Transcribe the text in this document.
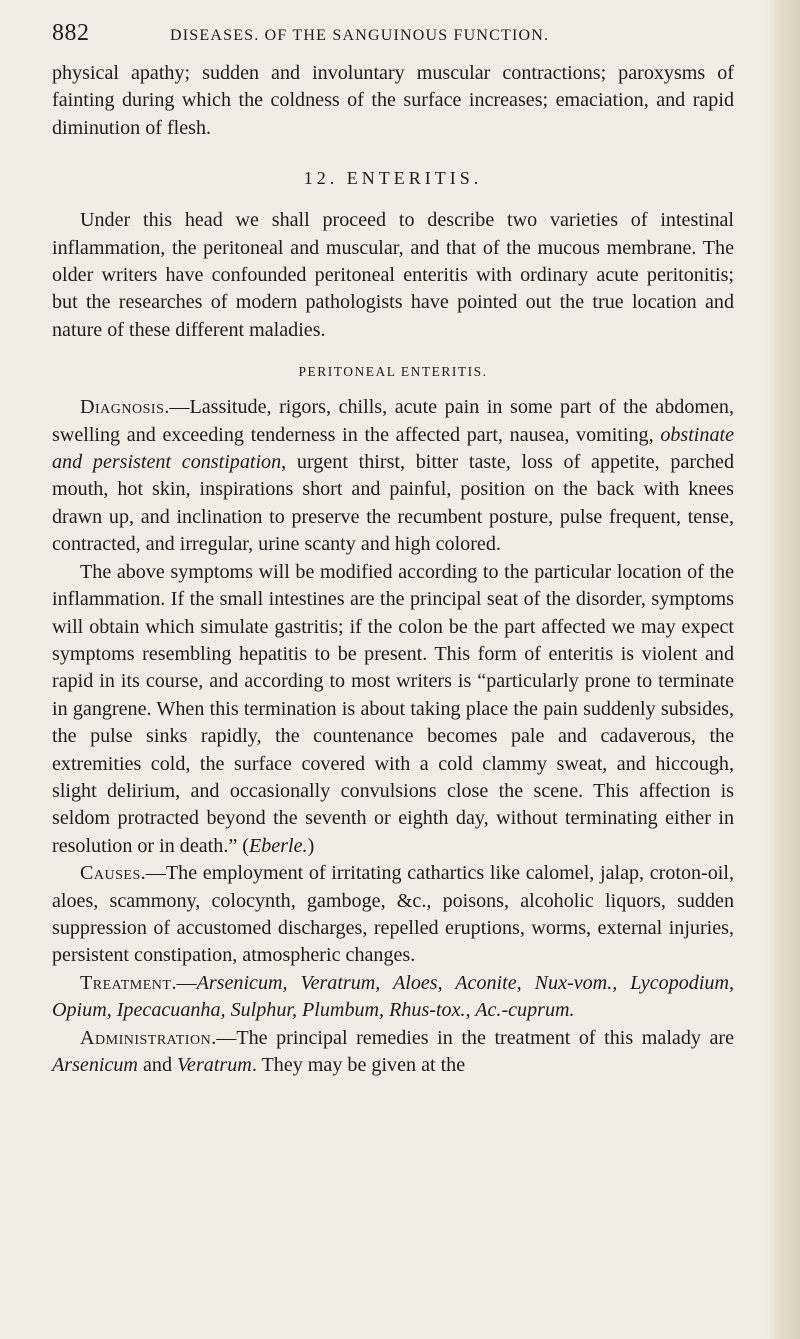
882	DISEASES. OF THE SANGUINOUS FUNCTION.

physical apathy; sudden and involuntary muscular contractions; paroxysms of fainting during which the coldness of the surface increases; emaciation, and rapid diminution of flesh.

12. ENTERITIS.

Under this head we shall proceed to describe two varieties of intestinal inflammation, the peritoneal and muscular, and that of the mucous membrane. The older writers have confounded peritoneal enteritis with ordinary acute peritonitis; but the researches of modern pathologists have pointed out the true location and nature of these different maladies.

PERITONEAL ENTERITIS.

Diagnosis.—Lassitude, rigors, chills, acute pain in some part of the abdomen, swelling and exceeding tenderness in the affected part, nausea, vomiting, obstinate and persistent constipation, urgent thirst, bitter taste, loss of appetite, parched mouth, hot skin, inspirations short and painful, position on the back with knees drawn up, and inclination to preserve the recumbent posture, pulse frequent, tense, contracted, and irregular, urine scanty and high colored.

The above symptoms will be modified according to the particular location of the inflammation. If the small intestines are the principal seat of the disorder, symptoms will obtain which simulate gastritis; if the colon be the part affected we may expect symptoms resembling hepatitis to be present. This form of enteritis is violent and rapid in its course, and according to most writers is “particularly prone to terminate in gangrene. When this termination is about taking place the pain suddenly subsides, the pulse sinks rapidly, the countenance becomes pale and cadaverous, the extremities cold, the surface covered with a cold clammy sweat, and hiccough, slight delirium, and occasionally convulsions close the scene. This affection is seldom protracted beyond the seventh or eighth day, without terminating either in resolution or in death.” (Eberle.)

Causes.—The employment of irritating cathartics like calomel, jalap, croton-oil, aloes, scammony, colocynth, gamboge, &c., poisons, alcoholic liquors, sudden suppression of accustomed discharges, repelled eruptions, worms, external injuries, persistent constipation, atmospheric changes.

Treatment.—Arsenicum, Veratrum, Aloes, Aconite, Nux-vom., Lycopodium, Opium, Ipecacuanha, Sulphur, Plumbum, Rhus-tox., Ac.-cuprum.

Administration.—The principal remedies in the treatment of this malady are Arsenicum and Veratrum. They may be given at the
